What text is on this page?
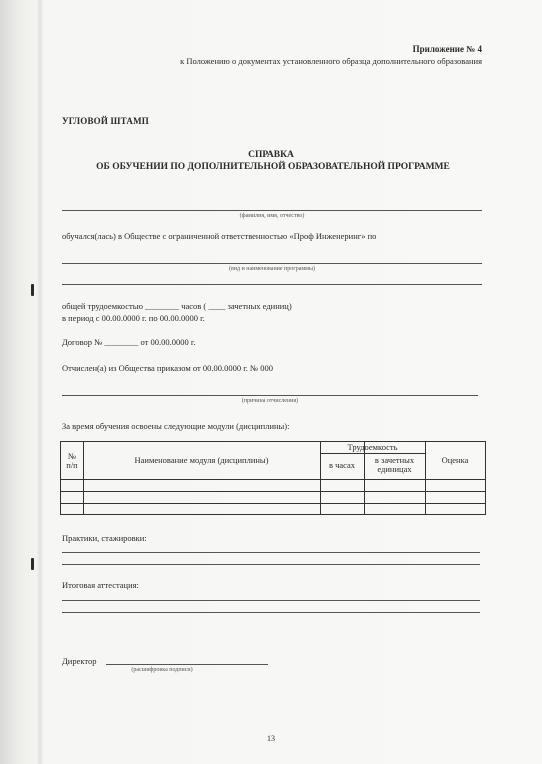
Приложение № 4
к Положению о документах установленного образца дополнительного образования
УГЛОВОЙ ШТАМП
СПРАВКА
ОБ ОБУЧЕНИИ ПО ДОПОЛНИТЕЛЬНОЙ ОБРАЗОВАТЕЛЬНОЙ ПРОГРАММЕ
(фамилия, имя, отчество)
обучался(лась) в Обществе с ограниченной ответственностью «Проф Инженеринг» по
(вид и наименование программы)
общей трудоемкостью ________ часов ( ____ зачетных единиц)
в период с 00.00.0000 г. по 00.00.0000 г.
Договор № ________ от 00.00.0000 г.
Отчислен(а) из Общества приказом от 00.00.0000 г. № 000
(причина отчисления)
За время обучения освоены следующие модули (дисциплины):
№
п/п	Наименование модуля (дисциплины)
Трудоемкость
в часах	в зачетных
единицах
Оценка
Практики, стажировки:
Итоговая аттестация:
Директор
(расшифровка подписи)
13
